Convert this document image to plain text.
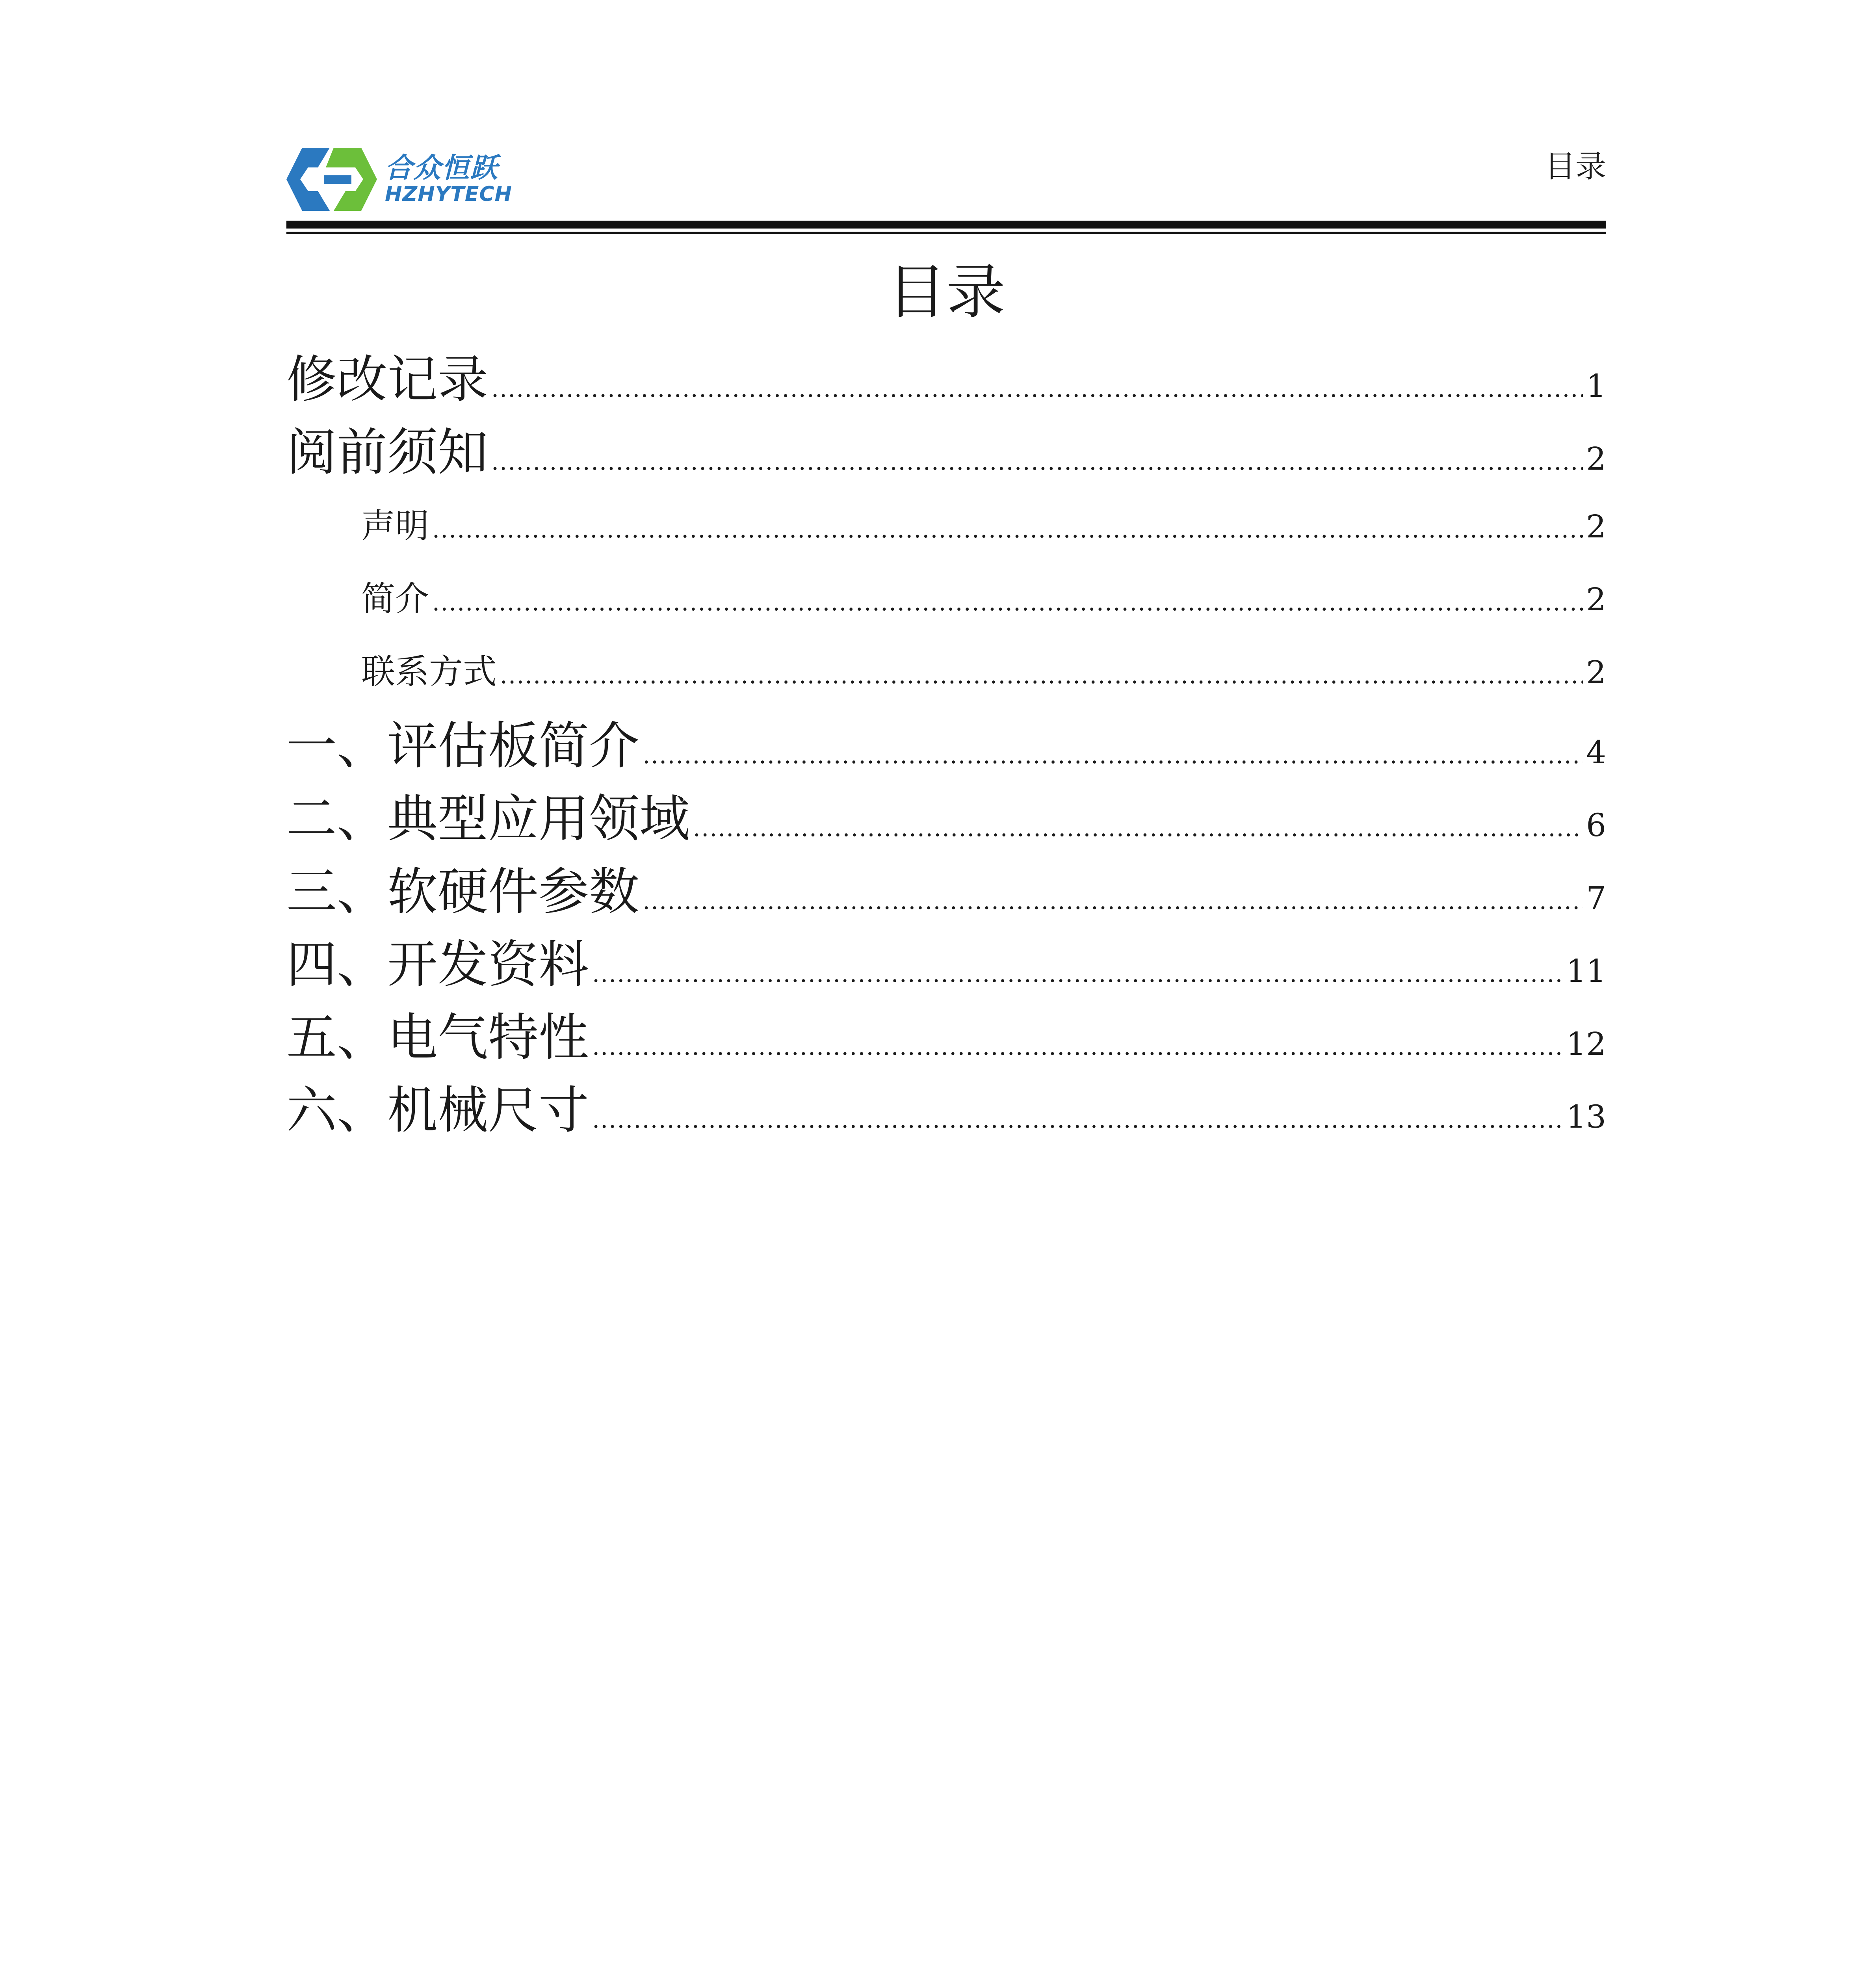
合众恒跃
HZHYTECH
目录
目录
修改记录 .....	1
阅前须知 .....	2
声明 .....	2
简介 .....	2
联系方式 .....	2
一、评估板简介 .....	4
二、典型应用领域 .....	6
三、软硬件参数 .....	7
四、开发资料 .....	11
五、电气特性 .....	12
六、机械尺寸 .....	13
